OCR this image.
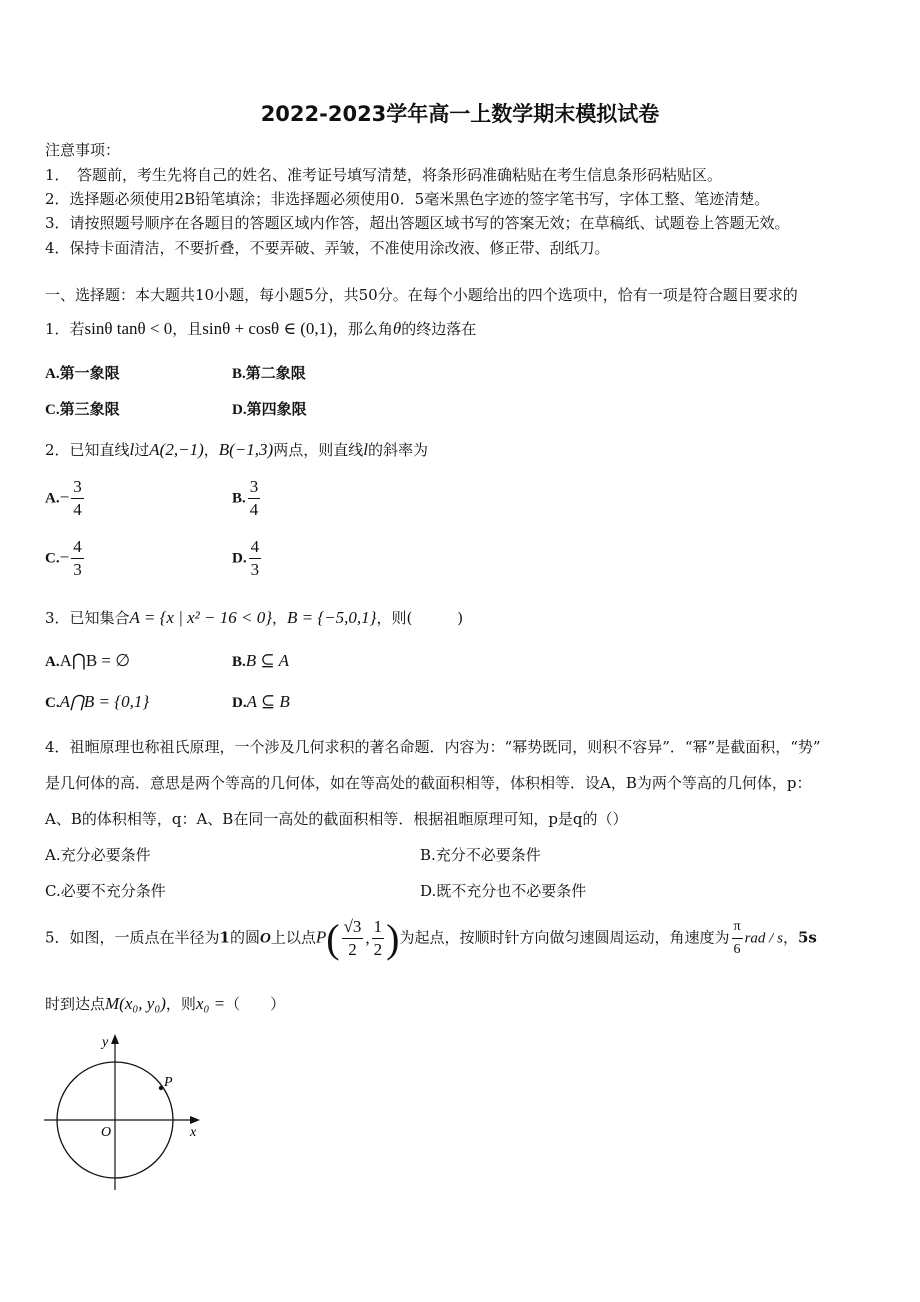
2022-2023学年高一上数学期末模拟试卷
注意事项：
1．　答题前，考生先将自己的姓名、准考证号填写清楚，将条形码准确粘贴在考生信息条形码粘贴区。
2．选择题必须使用2B铅笔填涂；非选择题必须使用0．5毫米黑色字迹的签字笔书写，字体工整、笔迹清楚。
3．请按照题号顺序在各题目的答题区域内作答，超出答题区域书写的答案无效；在草稿纸、试题卷上答题无效。
4．保持卡面清洁，不要折叠，不要弄破、弄皱，不准使用涂改液、修正带、刮纸刀。
一、选择题：本大题共10小题，每小题5分，共50分。在每个小题给出的四个选项中，恰有一项是符合题目要求的
1．若sinθ tanθ < 0，且sinθ + cosθ ∈ (0,1)，那么角θ的终边落在
A.第一象限	B.第二象限
C.第三象限	D.第四象限
2．已知直线l过A(2,−1)，B(−1,3)两点，则直线l的斜率为
$A.- \frac{3}{4}$	B. $\frac{3}{4}$
$C.- \frac{4}{3}$	D. $\frac{4}{3}$
3．已知集合A = {x | x² − 16 < 0}，B = {−5,0,1}，则(　　　)
A.A⋂B = ∅	B.B ⊆ A
C.A⋂B = {0,1}	D.A ⊆ B
4．祖暅原理也称祖氏原理，一个涉及几何求积的著名命题．内容为：“幂势既同，则积不容异”．“幂”是截面积，“势”
是几何体的高．意思是两个等高的几何体，如在等高处的截面积相等，体积相等．设A，B为两个等高的几何体，p：
A、B的体积相等，q：A、B在同一高处的截面积相等．根据祖暅原理可知，p是q的（）
A.充分必要条件	B.充分不必要条件
C.必要不充分条件	D.既不充分也不必要条件
5．如图，一质点在半径为1的圆O上以点$P( \frac{√3}{2}$ , $\frac{1}{2}$ )为起点，按顺时针方向做匀速圆周运动，角速度为 $\frac{\pi}{6}$ rad / s，5s
时到达点M(x₀, y₀)，则x₀ =（　　）
y
x
O
P
